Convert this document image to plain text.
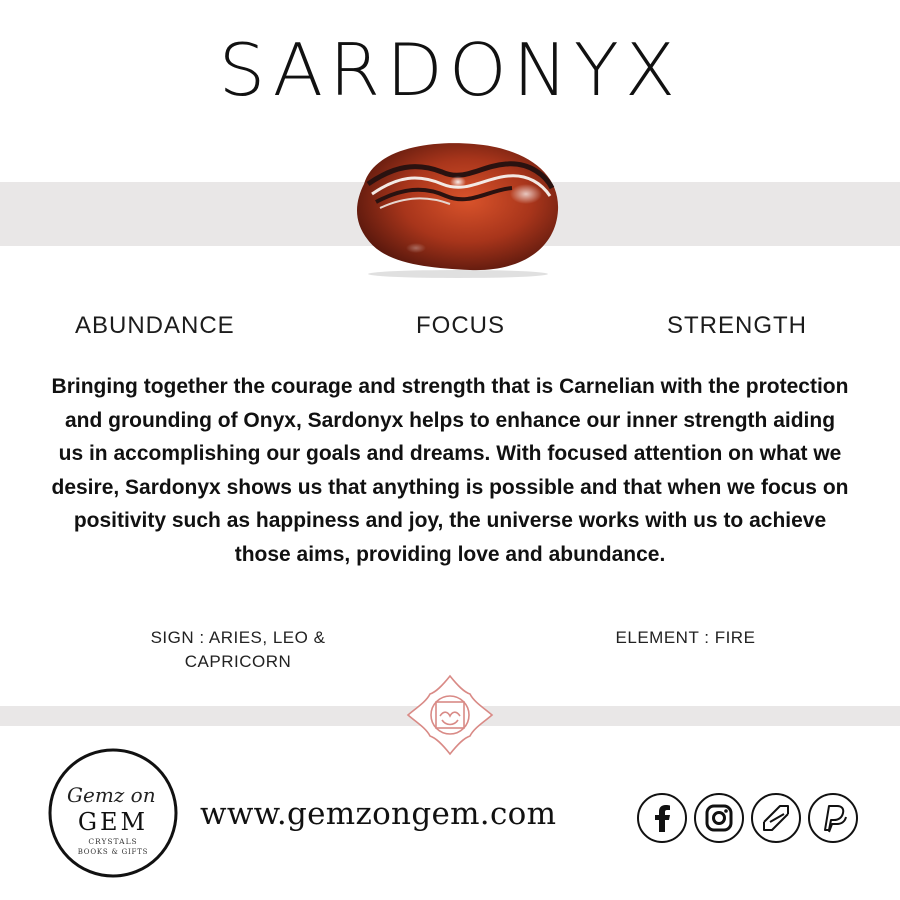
SARDONYX
ABUNDANCE	FOCUS	STRENGTH
Bringing together the courage and strength that is Carnelian with the protection and grounding of Onyx, Sardonyx helps to enhance our inner strength aiding us in accomplishing our goals and dreams. With focused attention on what we desire, Sardonyx shows us that anything is possible and that when we focus on positivity such as happiness and joy, the universe works with us to achieve those aims, providing love and abundance.
SIGN : ARIES, LEO &
CAPRICORN
ELEMENT : FIRE
Gemz on
GEM
CRYSTALS
BOOKS & GIFTS
www.gemzongem.com
